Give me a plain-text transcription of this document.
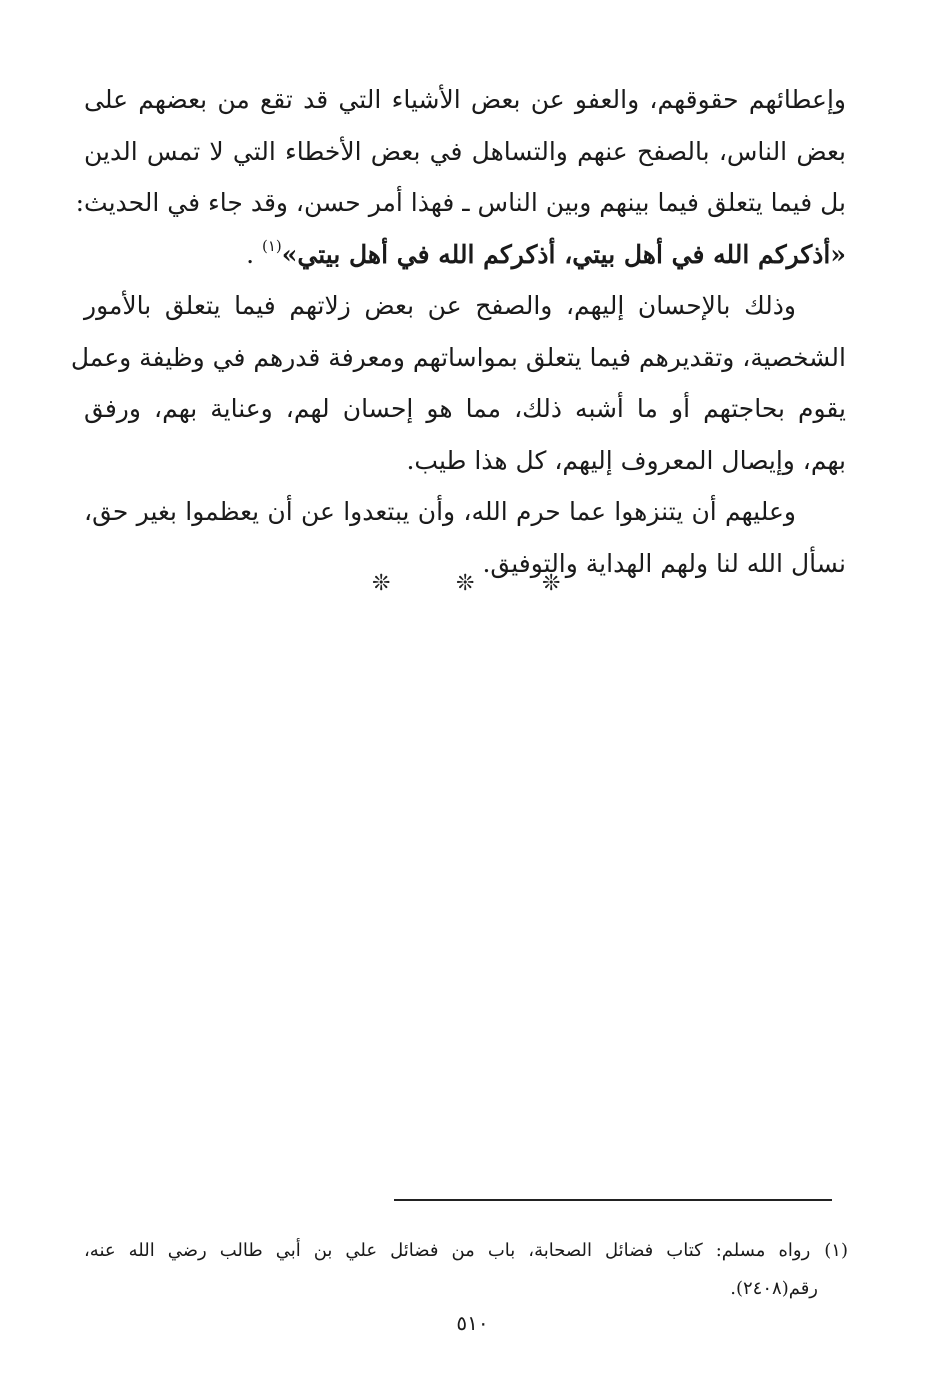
وإعطائهم حقوقهم، والعفو عن بعض الأشياء التي قد تقع من بعضهم على
بعض الناس، بالصفح عنهم والتساهل في بعض الأخطاء التي لا تمس الدين
بل فيما يتعلق فيما بينهم وبين الناس ـ فهذا أمر حسن، وقد جاء في الحديث:
«أذكركم الله في أهل بيتي، أذكركم الله في أهل بيتي»$^{(١)}$ .
وذلك بالإحسان إليهم، والصفح عن بعض زلاتهم فيما يتعلق بالأمور
الشخصية، وتقديرهم فيما يتعلق بمواساتهم ومعرفة قدرهم في وظيفة وعمل
يقوم بحاجتهم أو ما أشبه ذلك، مما هو إحسان لهم، وعناية بهم، ورفق
بهم، وإيصال المعروف إليهم، كل هذا طيب.
وعليهم أن يتنزهوا عما حرم الله، وأن يبتعدوا عن أن يعظموا بغير حق،
نسأل الله لنا ولهم الهداية والتوفيق.
❊	❊	❊
(١)رواه مسلم: كتاب فضائل الصحابة، باب من فضائل علي بن أبي طالب رضي الله عنه،
رقم(٢٤٠٨).
٥١٠
